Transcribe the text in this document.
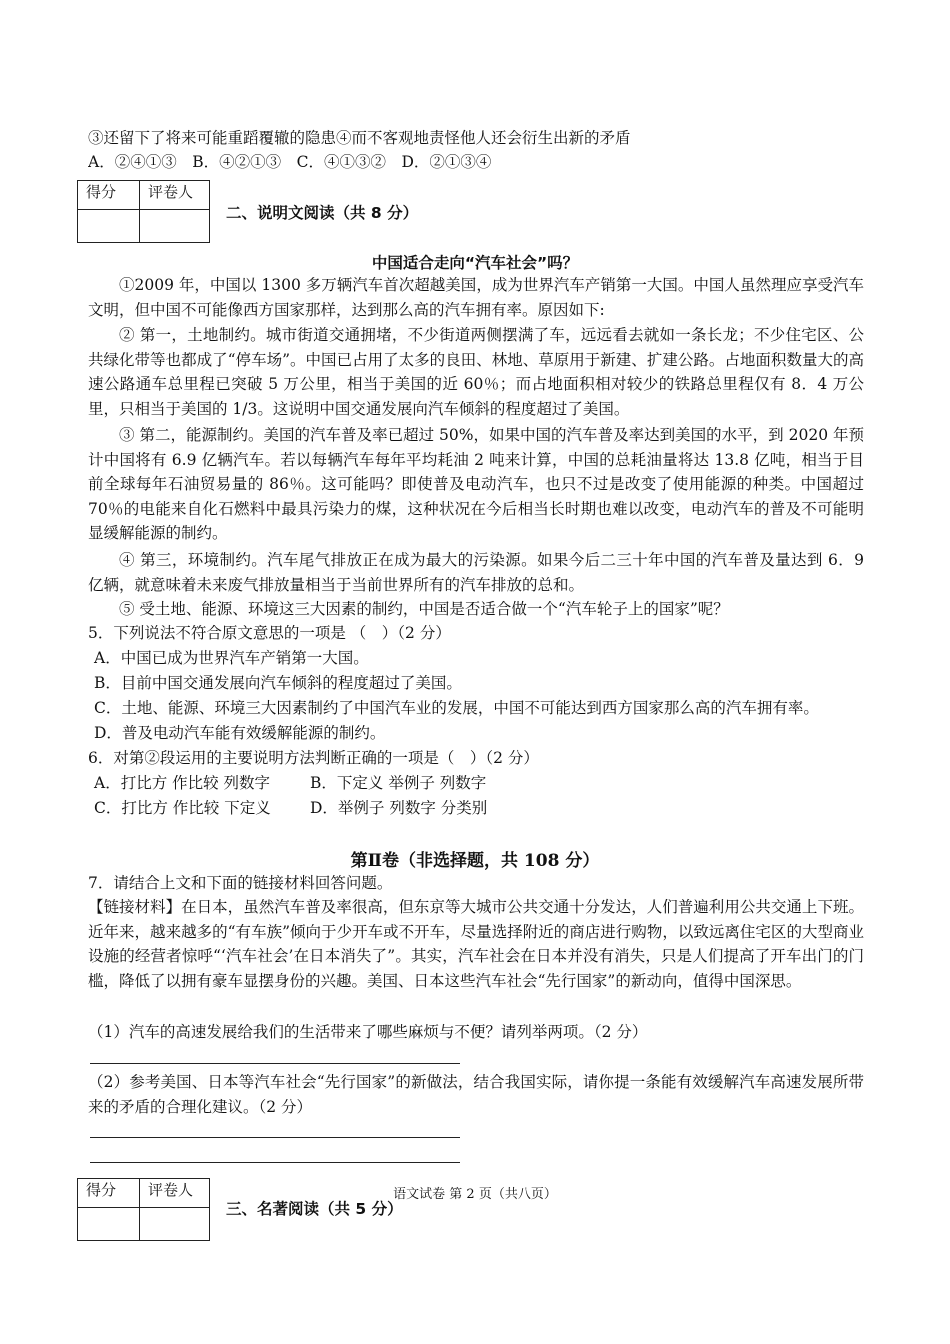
③还留下了将来可能重蹈覆辙的隐患④而不客观地责怪他人还会衍生出新的矛盾
A．②④①③　B．④②①③　C．④①③②　D．②①③④
得分	评卷人

二、说明文阅读（共 8 分）
中国适合走向“汽车社会”吗？
①2009 年，中国以 1300 多万辆汽车首次超越美国，成为世界汽车产销第一大国。中国人虽然理应享受汽车文明，但中国不可能像西方国家那样，达到那么高的汽车拥有率。原因如下:
② 第一，土地制约。城市街道交通拥堵，不少街道两侧摆满了车，远远看去就如一条长龙；不少住宅区、公共绿化带等也都成了“停车场”。中国已占用了太多的良田、林地、草原用于新建、扩建公路。占地面积数量大的高速公路通车总里程已突破 5 万公里，相当于美国的近 60％；而占地面积相对较少的铁路总里程仅有 8．4 万公里，只相当于美国的 1/3。这说明中国交通发展向汽车倾斜的程度超过了美国。
③ 第二，能源制约。美国的汽车普及率已超过 50%，如果中国的汽车普及率达到美国的水平，到 2020 年预计中国将有 6.9 亿辆汽车。若以每辆汽车每年平均耗油 2 吨来计算，中国的总耗油量将达 13.8 亿吨，相当于目前全球每年石油贸易量的 86％。这可能吗？即使普及电动汽车，也只不过是改变了使用能源的种类。中国超过 70％的电能来自化石燃料中最具污染力的煤，这种状况在今后相当长时期也难以改变，电动汽车的普及不可能明显缓解能源的制约。
④ 第三，环境制约。汽车尾气排放正在成为最大的污染源。如果今后二三十年中国的汽车普及量达到 6．9 亿辆，就意味着未来废气排放量相当于当前世界所有的汽车排放的总和。
⑤ 受土地、能源、环境这三大因素的制约，中国是否适合做一个“汽车轮子上的国家”呢？
5．下列说法不符合原文意思的一项是 （　）（2 分）
A．中国已成为世界汽车产销第一大国。
B．目前中国交通发展向汽车倾斜的程度超过了美国。
C．土地、能源、环境三大因素制约了中国汽车业的发展，中国不可能达到西方国家那么高的汽车拥有率。
D．普及电动汽车能有效缓解能源的制约。
6．对第②段运用的主要说明方法判断正确的一项是（　）（2 分）
A．打比方 作比较 列数字	B．下定义 举例子 列数字
C．打比方 作比较 下定义	D．举例子 列数字 分类别
第Ⅱ卷（非选择题，共 108 分）
7．请结合上文和下面的链接材料回答问题。
【链接材料】在日本，虽然汽车普及率很高，但东京等大城市公共交通十分发达，人们普遍利用公共交通上下班。近年来，越来越多的“有车族”倾向于少开车或不开车，尽量选择附近的商店进行购物，以致远离住宅区的大型商业设施的经营者惊呼“‘汽车社会’在日本消失了”。其实，汽车社会在日本并没有消失，只是人们提高了开车出门的门槛，降低了以拥有豪车显摆身份的兴趣。美国、日本这些汽车社会“先行国家”的新动向，值得中国深思。
（1）汽车的高速发展给我们的生活带来了哪些麻烦与不便？请列举两项。（2 分）
（2）参考美国、日本等汽车社会“先行国家”的新做法，结合我国实际，请你提一条能有效缓解汽车高速发展所带来的矛盾的合理化建议。（2 分）
得分	评卷人

三、名著阅读（共 5 分）
语文试卷 第 2 页（共八页）
